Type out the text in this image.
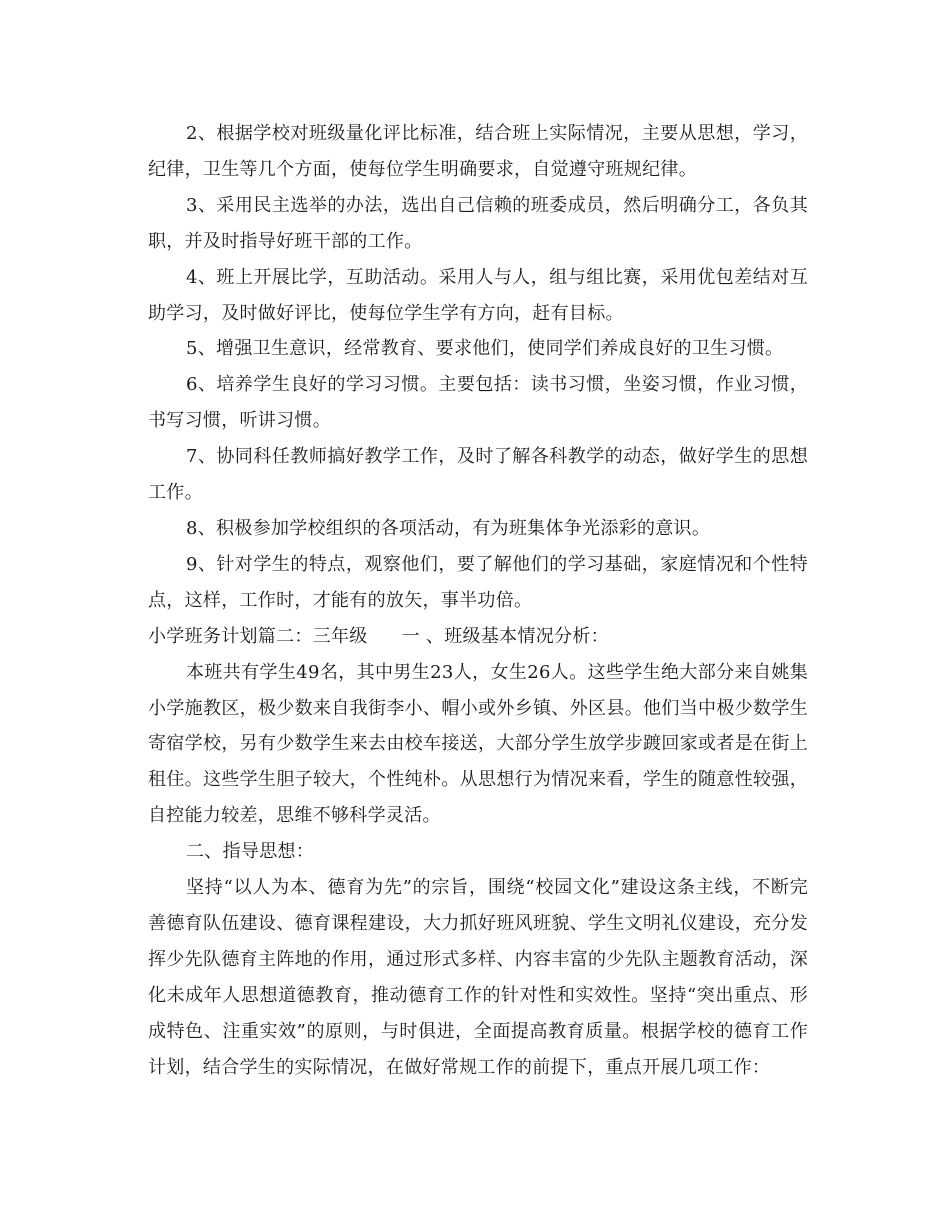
2、根据学校对班级量化评比标准，结合班上实际情况，主要从思想，学习，纪律，卫生等几个方面，使每位学生明确要求，自觉遵守班规纪律。

3、采用民主选举的办法，选出自己信赖的班委成员，然后明确分工，各负其职，并及时指导好班干部的工作。

4、班上开展比学，互助活动。采用人与人，组与组比赛，采用优包差结对互助学习，及时做好评比，使每位学生学有方向，赶有目标。

5、增强卫生意识，经常教育、要求他们，使同学们养成良好的卫生习惯。

6、培养学生良好的学习习惯。主要包括：读书习惯，坐姿习惯，作业习惯，书写习惯，听讲习惯。

7、协同科任教师搞好教学工作，及时了解各科教学的动态，做好学生的思想工作。

8、积极参加学校组织的各项活动，有为班集体争光添彩的意识。

9、针对学生的特点，观察他们，要了解他们的学习基础，家庭情况和个性特点，这样，工作时，才能有的放矢，事半功倍。

小学班务计划篇二：三年级 一 、班级基本情况分析：

本班共有学生49名，其中男生23人，女生26人。这些学生绝大部分来自姚集小学施教区，极少数来自我街李小、帽小或外乡镇、外区县。他们当中极少数学生寄宿学校，另有少数学生来去由校车接送，大部分学生放学步踱回家或者是在街上租住。这些学生胆子较大，个性纯朴。从思想行为情况来看，学生的随意性较强，自控能力较差，思维不够科学灵活。

二、指导思想：

坚持“以人为本、德育为先”的宗旨，围绕“校园文化”建设这条主线，不断完善德育队伍建设、德育课程建设，大力抓好班风班貌、学生文明礼仪建设，充分发挥少先队德育主阵地的作用，通过形式多样、内容丰富的少先队主题教育活动，深化未成年人思想道德教育，推动德育工作的针对性和实效性。坚持“突出重点、形成特色、注重实效”的原则，与时俱进，全面提高教育质量。根据学校的德育工作计划，结合学生的实际情况，在做好常规工作的前提下，重点开展几项工作：
